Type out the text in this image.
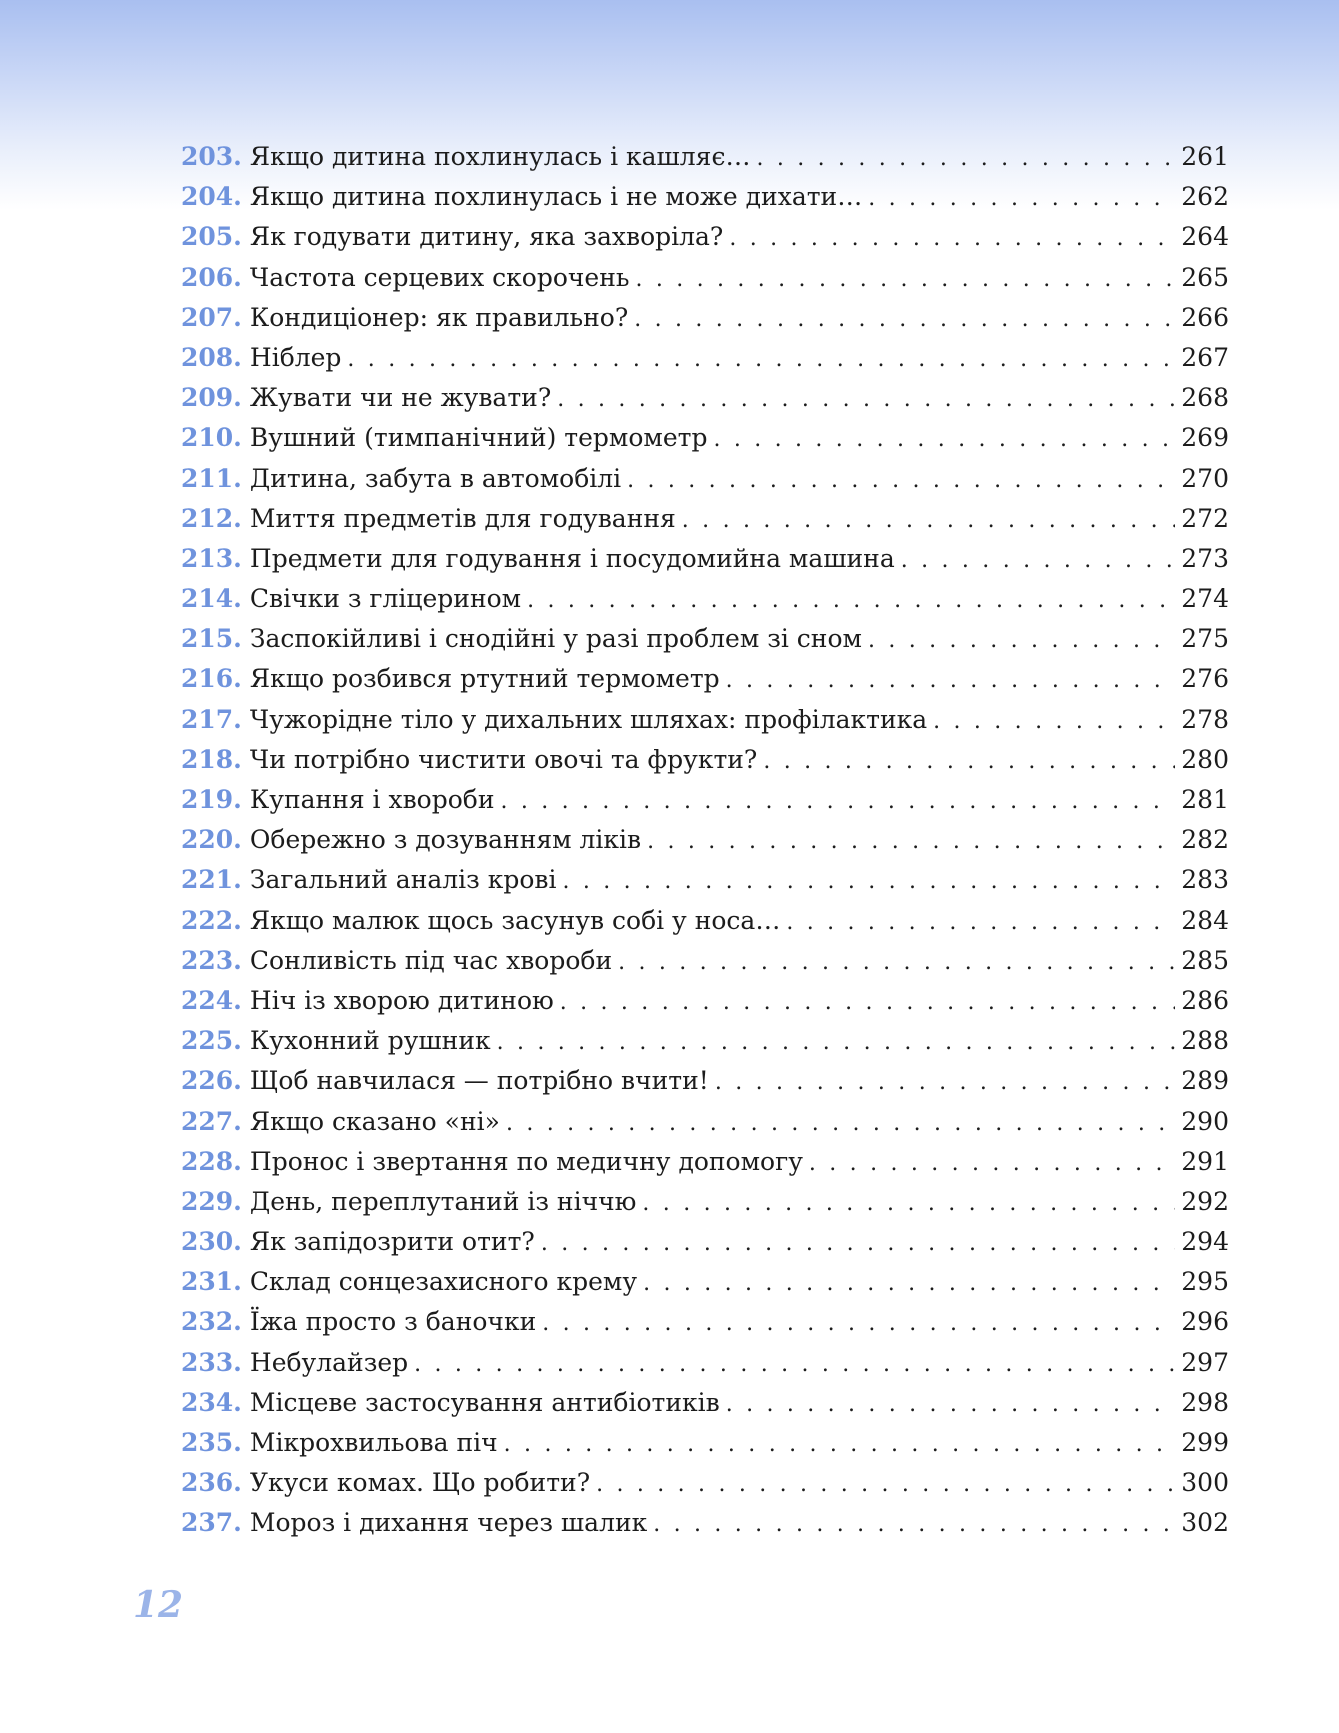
203. Якщо дитина похлинулась і кашляє… . . .	261
204. Якщо дитина похлинулась і не може дихати… . . .	262
205. Як годувати дитину, яка захворіла? . . .	264
206. Частота серцевих скорочень . . .	265
207. Кондиціонер: як правильно? . . .	266
208. Ніблер . . .	267
209. Жувати чи не жувати? . . .	268
210. Вушний (тимпанічний) термометр . . .	269
211. Дитина, забута в автомобілі . . .	270
212. Миття предметів для годування . . .	272
213. Предмети для годування і посудомийна машина . . .	273
214. Свічки з гліцерином . . .	274
215. Заспокійливі і снодійні у разі проблем зі сном . . .	275
216. Якщо розбився ртутний термометр . . .	276
217. Чужорідне тіло у дихальних шляхах: профілактика . . .	278
218. Чи потрібно чистити овочі та фрукти? . . .	280
219. Купання і хвороби . . .	281
220. Обережно з дозуванням ліків . . .	282
221. Загальний аналіз крові . . .	283
222. Якщо малюк щось засунув собі у носа… . . .	284
223. Сонливість під час хвороби . . .	285
224. Ніч із хворою дитиною . . .	286
225. Кухонний рушник . . .	288
226. Щоб навчилася — потрібно вчити! . . .	289
227. Якщо сказано «ні» . . .	290
228. Пронос і звертання по медичну допомогу . . .	291
229. День, переплутаний із ніччю . . .	292
230. Як запідозрити отит? . . .	294
231. Склад сонцезахисного крему . . .	295
232. Їжа просто з баночки . . .	296
233. Небулайзер . . .	297
234. Місцеве застосування антибіотиків . . .	298
235. Мікрохвильова піч . . .	299
236. Укуси комах. Що робити? . . .	300
237. Мороз і дихання через шалик . . .	302
12
